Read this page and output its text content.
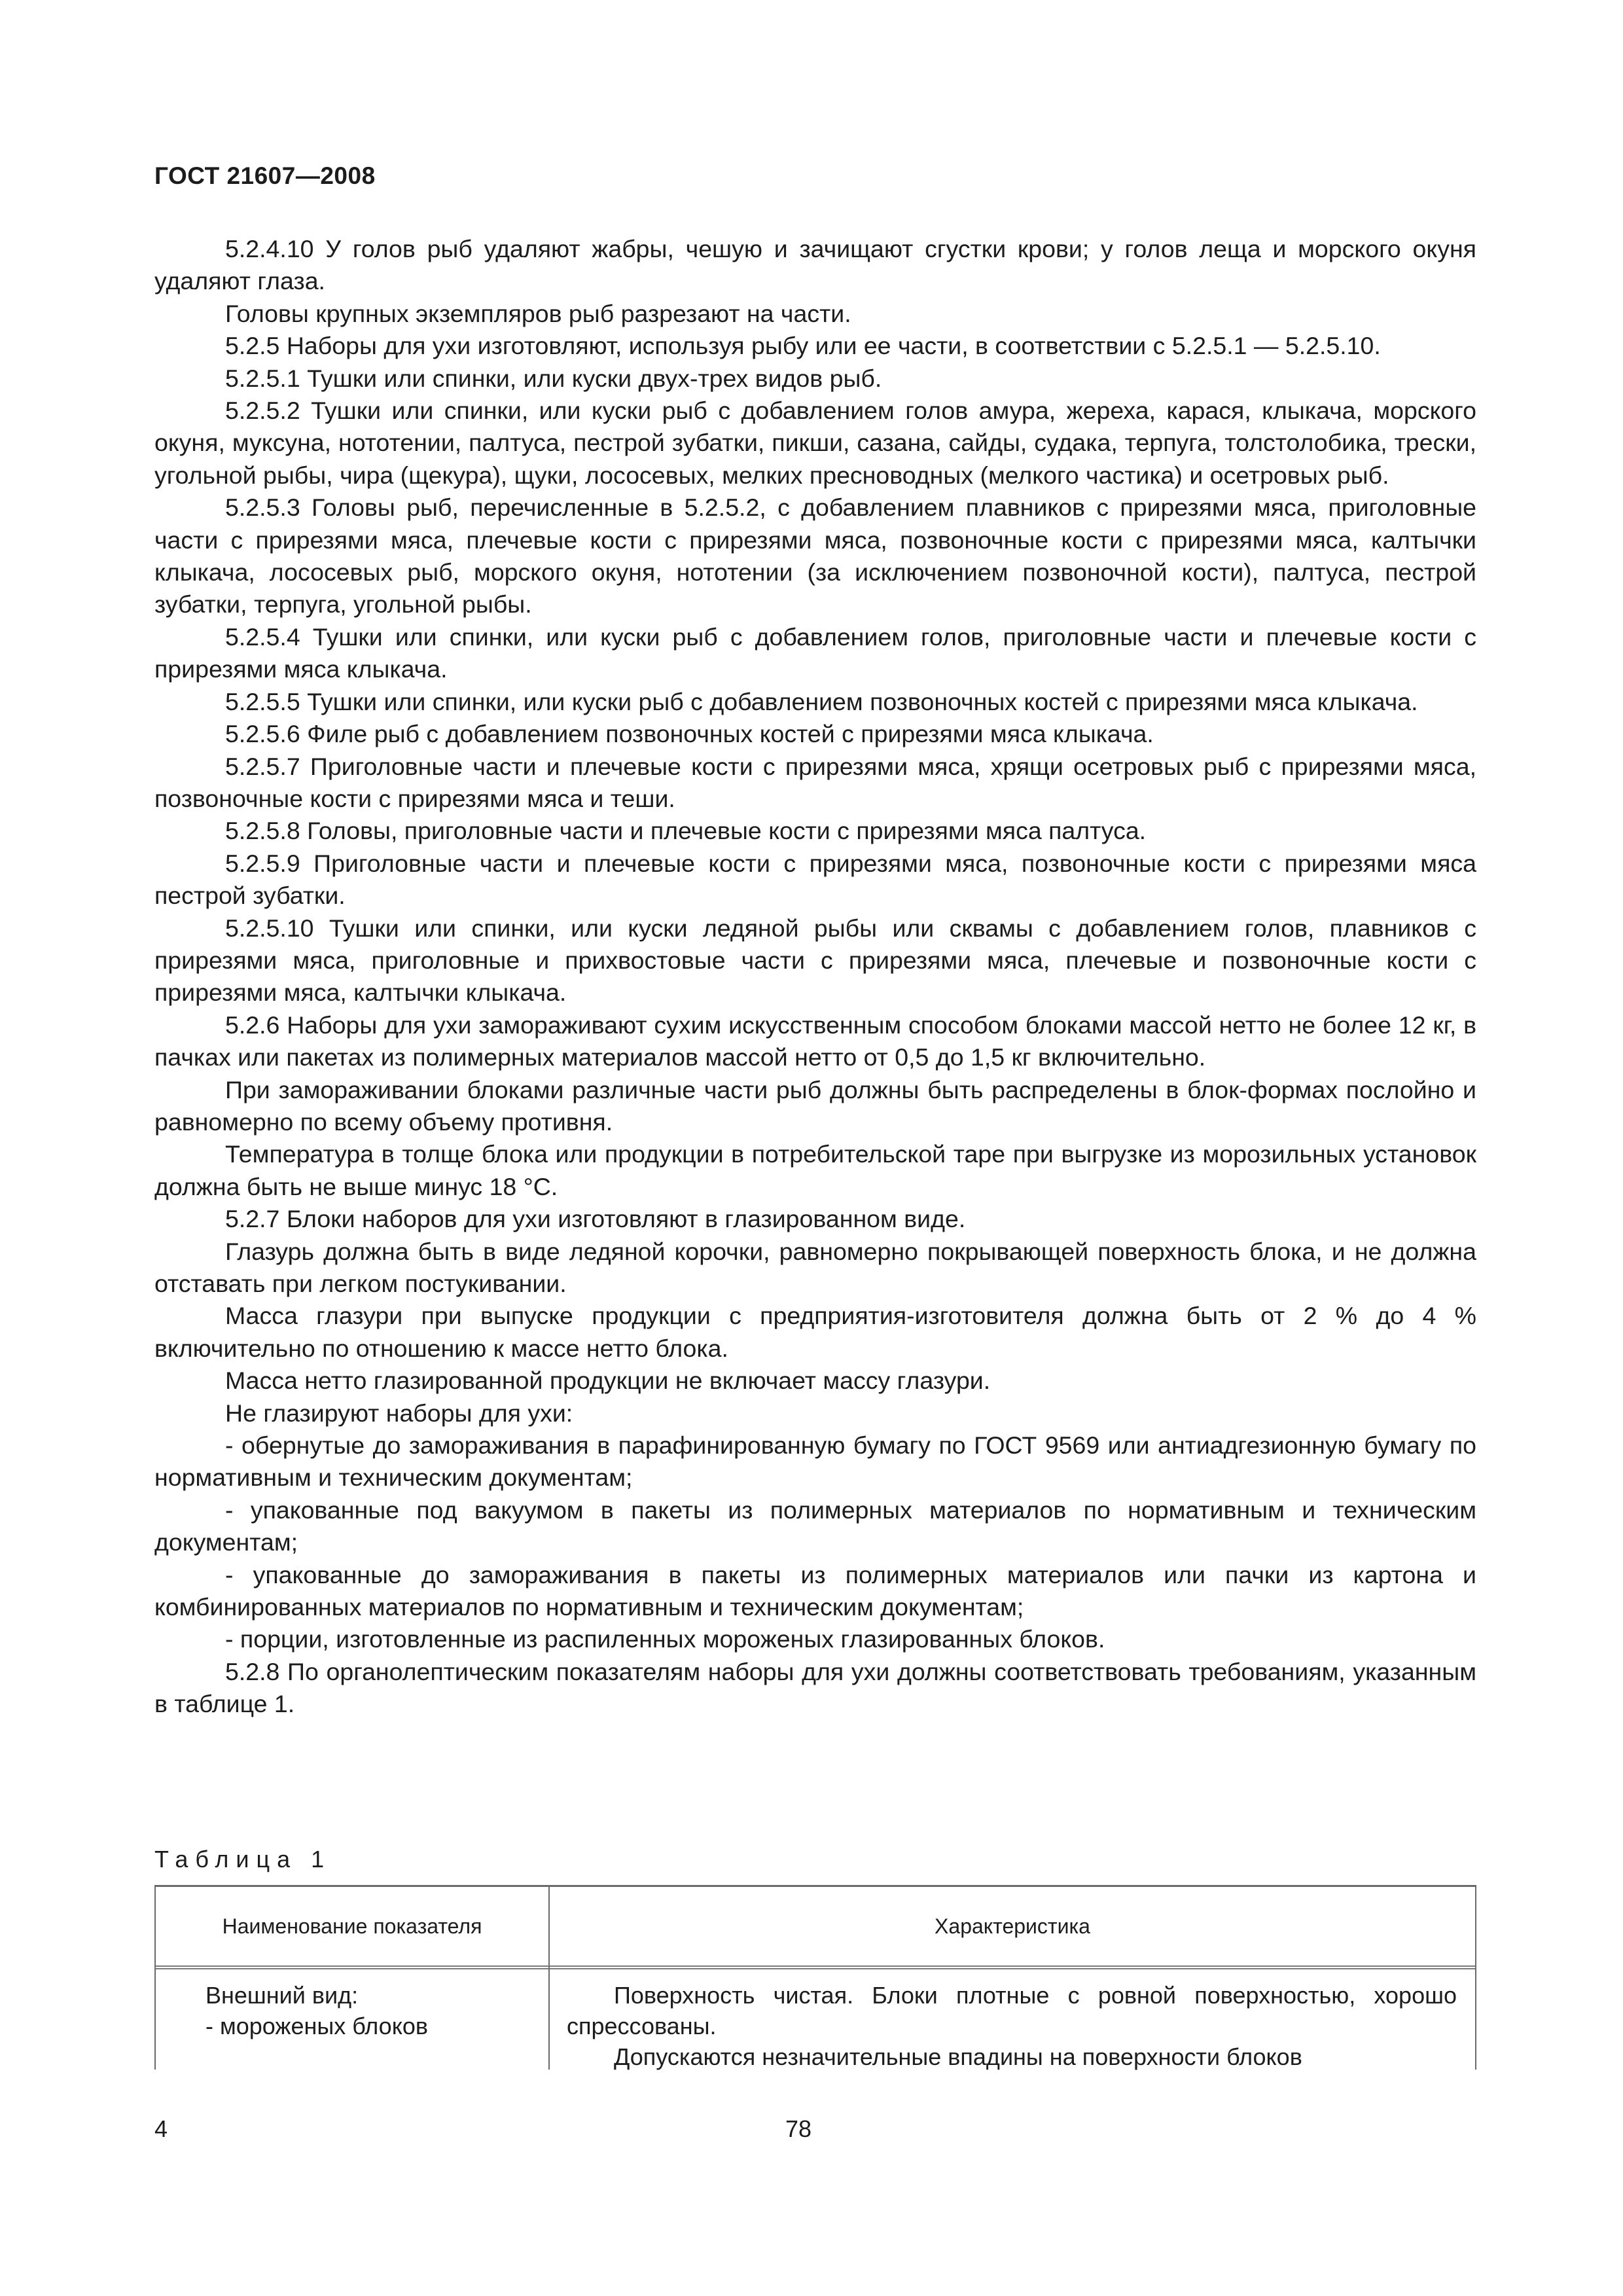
ГОСТ 21607—2008

5.2.4.10 У голов рыб удаляют жабры, чешую и зачищают сгустки крови; у голов леща и морского окуня удаляют глаза.

Головы крупных экземпляров рыб разрезают на части.

5.2.5 Наборы для ухи изготовляют, используя рыбу или ее части, в соответствии с 5.2.5.1 — 5.2.5.10.

5.2.5.1 Тушки или спинки, или куски двух-трех видов рыб.

5.2.5.2 Тушки или спинки, или куски рыб с добавлением голов амура, жереха, карася, клыкача, морского окуня, муксуна, нототении, палтуса, пестрой зубатки, пикши, сазана, сайды, судака, терпуга, толстолобика, трески, угольной рыбы, чира (щекура), щуки, лососевых, мелких пресноводных (мелкого частика) и осетровых рыб.

5.2.5.3 Головы рыб, перечисленные в 5.2.5.2, с добавлением плавников с прирезями мяса, приголовные части с прирезями мяса, плечевые кости с прирезями мяса, позвоночные кости с прирезями мяса, калтычки клыкача, лососевых рыб, морского окуня, нототении (за исключением позвоночной кости), палтуса, пестрой зубатки, терпуга, угольной рыбы.

5.2.5.4 Тушки или спинки, или куски рыб с добавлением голов, приголовные части и плечевые кости с прирезями мяса клыкача.

5.2.5.5 Тушки или спинки, или куски рыб с добавлением позвоночных костей с прирезями мяса клыкача.

5.2.5.6 Филе рыб с добавлением позвоночных костей с прирезями мяса клыкача.

5.2.5.7 Приголовные части и плечевые кости с прирезями мяса, хрящи осетровых рыб с прирезями мяса, позвоночные кости с прирезями мяса и теши.

5.2.5.8 Головы, приголовные части и плечевые кости с прирезями мяса палтуса.

5.2.5.9 Приголовные части и плечевые кости с прирезями мяса, позвоночные кости с прирезями мяса пестрой зубатки.

5.2.5.10 Тушки или спинки, или куски ледяной рыбы или сквамы с добавлением голов, плавников с прирезями мяса, приголовные и прихвостовые части с прирезями мяса, плечевые и позвоночные кости с прирезями мяса, калтычки клыкача.

5.2.6 Наборы для ухи замораживают сухим искусственным способом блоками массой нетто не более 12 кг, в пачках или пакетах из полимерных материалов массой нетто от 0,5 до 1,5 кг включительно.

При замораживании блоками различные части рыб должны быть распределены в блок-формах послойно и равномерно по всему объему противня.

Температура в толще блока или продукции в потребительской таре при выгрузке из морозильных установок должна быть не выше минус 18 °С.

5.2.7 Блоки наборов для ухи изготовляют в глазированном виде.

Глазурь должна быть в виде ледяной корочки, равномерно покрывающей поверхность блока, и не должна отставать при легком постукивании.

Масса глазури при выпуске продукции с предприятия-изготовителя должна быть от 2 % до 4 % включительно по отношению к массе нетто блока.

Масса нетто глазированной продукции не включает массу глазури.

Не глазируют наборы для ухи:

- обернутые до замораживания в парафинированную бумагу по ГОСТ 9569 или антиадгезионную бумагу по нормативным и техническим документам;

- упакованные под вакуумом в пакеты из полимерных материалов по нормативным и техническим документам;

- упакованные до замораживания в пакеты из полимерных материалов или пачки из картона и комбинированных материалов по нормативным и техническим документам;

- порции, изготовленные из распиленных мороженых глазированных блоков.

5.2.8 По органолептическим показателям наборы для ухи должны соответствовать требованиям, указанным в таблице 1.

Таблица 1
Наименование показателя	Характеристика
Внешний вид:
- мороженых блоков

Поверхность чистая. Блоки плотные с ровной поверхностью, хорошо спрессованы.

Допускаются незначительные впадины на поверхности блоков

4	78
